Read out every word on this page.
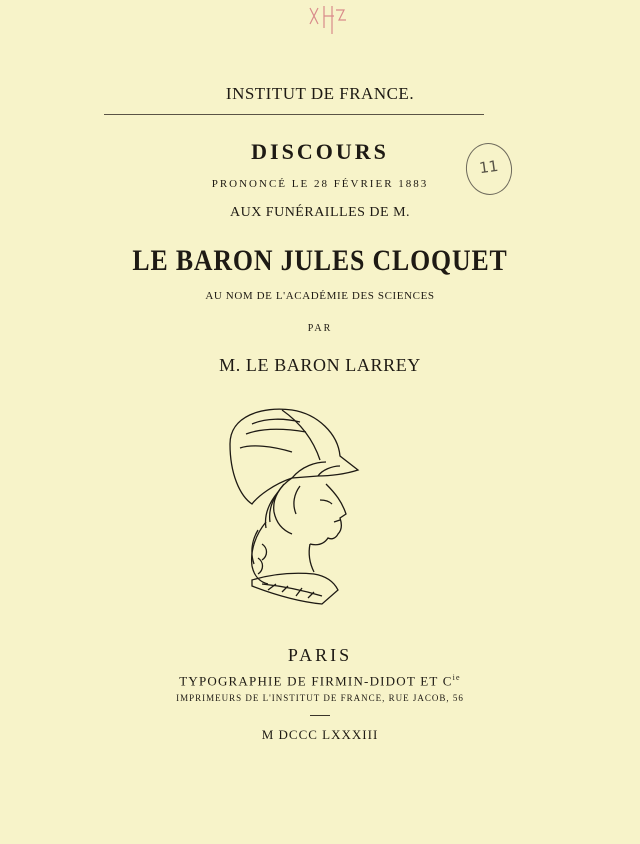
INSTITUT DE FRANCE.
DISCOURS
PRONONCÉ LE 28 FÉVRIER 1883
AUX FUNÉRAILLES DE M.
LE BARON JULES CLOQUET
AU NOM DE L'ACADÉMIE DES SCIENCES
PAR
M. LE BARON LARREY
11
PARIS
TYPOGRAPHIE DE FIRMIN-DIDOT ET $C^{ie}$
IMPRIMEURS DE L'INSTITUT DE FRANCE, RUE JACOB, 56
M DCCC LXXXIII
